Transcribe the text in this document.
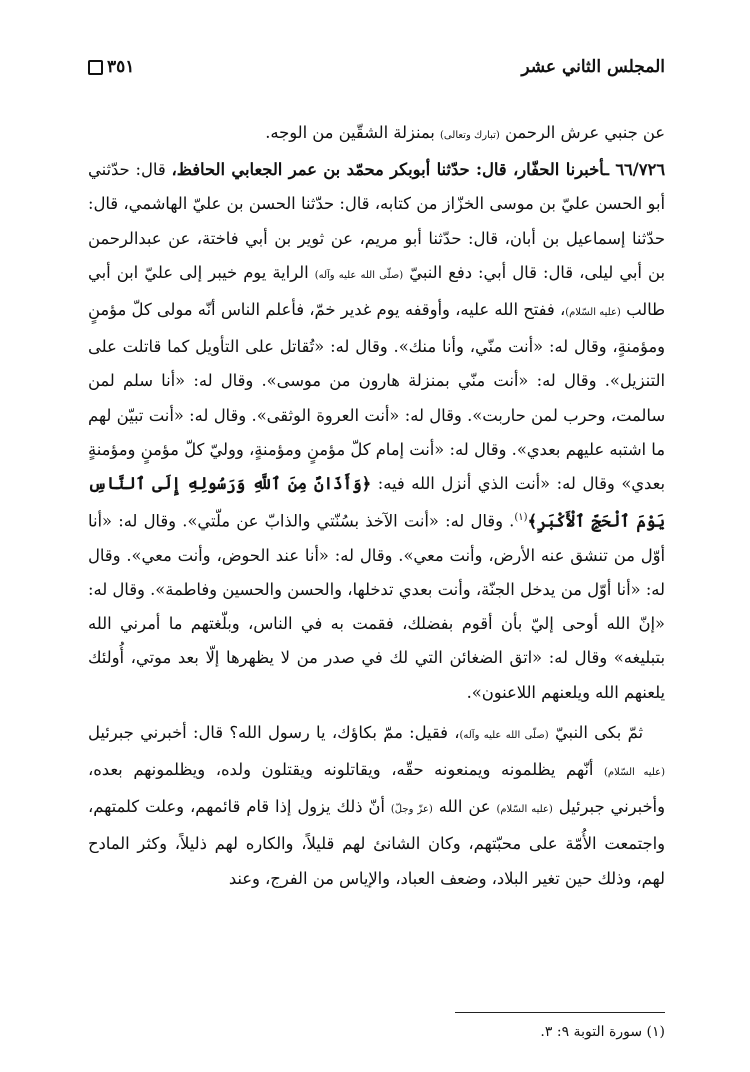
المجلس الثاني عشر
٣٥١

عن جنبي عرش الرحمن (تبارك وتعالى) بمنزلة الشقّين من الوجه.

٦٦/٧٢٦ ـأخبرنا الحفّار، قال: حدّثنا أبوبكر محمّد بن عمر الجعابي الحافظ، قال: حدّثني أبو الحسن عليّ بن موسى الخزّاز من كتابه، قال: حدّثنا الحسن بن عليّ الهاشمي، قال: حدّثنا إسماعيل بن أبان، قال: حدّثنا أبو مريم، عن ثوير بن أبي فاختة، عن عبدالرحمن بن أبي ليلى، قال: قال أبي: دفع النبيّ (صلّى الله عليه وآله) الراية يوم خيبر إلى عليّ ابن أبي طالب (عليه السّلام)، ففتح الله عليه، وأوقفه يوم غدير خمّ، فأعلم الناس أنّه مولى كلّ مؤمنٍ ومؤمنةٍ، وقال له: «أنت منّي، وأنا منك». وقال له: «تُقاتل على التأويل كما قاتلت على التنزيل». وقال له: «أنت منّي بمنزلة هارون من موسى». وقال له: «أنا سلم لمن سالمت، وحرب لمن حاربت». وقال له: «أنت العروة الوثقى». وقال له: «أنت تبيّن لهم ما اشتبه عليهم بعدي». وقال له: «أنت إمام كلّ مؤمنٍ ومؤمنةٍ، ووليّ كلّ مؤمنٍ ومؤمنةٍ بعدي» وقال له: «أنت الذي أنزل الله فيه: ﴿وَأَذَانٌ مِنَ ٱللَّهِ وَرَسُولِهِ إِلَى ٱلنَّاسِ يَوْمَ ٱلْحَجِّ ٱلْأَكْبَرِ﴾$^{(١)}$. وقال له: «أنت الآخذ بسُنّتي والذابّ عن ملّتي». وقال له: «أنا أوّل من تنشق عنه الأرض، وأنت معي». وقال له: «أنا عند الحوض، وأنت معي». وقال له: «أنا أوّل من يدخل الجنّة، وأنت بعدي تدخلها، والحسن والحسين وفاطمة». وقال له: «إنّ الله أوحى إليّ بأن أقوم بفضلك، فقمت به في الناس، وبلّغتهم ما أمرني الله بتبليغه» وقال له: «اتق الضغائن التي لك في صدر من لا يظهرها إلّا بعد موتي، أُولئك يلعنهم الله ويلعنهم اللاعنون».

ثمّ بكى النبيّ (صلّى الله عليه وآله)، فقيل: ممّ بكاؤك، يا رسول الله؟ قال: أخبرني جبرئيل (عليه السّلام) أنّهم يظلمونه ويمنعونه حقّه، ويقاتلونه ويقتلون ولده، ويظلمونهم بعده، وأخبرني جبرئيل (عليه السّلام) عن الله (عزّ وجلّ) أنّ ذلك يزول إذا قام قائمهم، وعلت كلمتهم، واجتمعت الأُمّة على محبّتهم، وكان الشانئ لهم قليلاً، والكاره لهم ذليلاً، وكثر المادح لهم، وذلك حين تغير البلاد، وضعف العباد، والإياس من الفرج، وعند

(١) سورة التوبة ٩: ٣.
